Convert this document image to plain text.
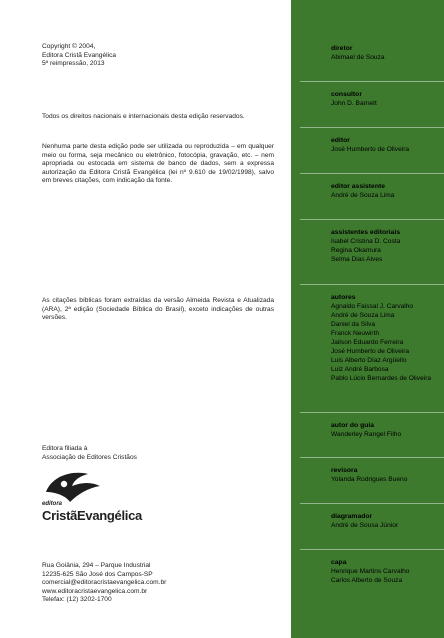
Copyright © 2004,
Editora Cristã Evangélica
5ª reimpressão, 2013
Todos os direitos nacionais e internacionais desta edição reservados.
Nenhuma parte desta edição pode ser utilizada ou reproduzida – em qualquer meio ou forma, seja mecânico ou eletrônico, fotocópia, gravação, etc. – nem apropriada ou estocada em sistema de banco de dados, sem a expressa autorização da Editora Cristã Evangélica (lei nº 9.610 de 19/02/1998), salvo em breves citações, com indicação da fonte.
As citações bíblicas foram extraídas da versão Almeida Revista e Atualizada (ARA), 2ª edição (Sociedade Bíblica do Brasil), exceto indicações de outras versões.
Editora filiada à
Associação de Editores Cristãos
editora
CristãEvangélica
Rua Goiânia, 294 – Parque Industrial
12235-625 São José dos Campos-SP
comercial@editoracristaevangelica.com.br
www.editoracristaevangelica.com.br
Telefax: (12) 3202-1700
diretor
Abimael de Souza
consultor
John D. Barnett
editor
José Humberto de Oliveira
editor assistente
André de Souza Lima
assistentes editoriais
Isabel Cristina D. Costa
Regina Okamura
Selma Dias Alves
autores
Agnaldo Faissal J. Carvalho
André de Souza Lima
Daniel da Silva
Franck Neuwirth
Jailson Eduardo Ferreira
José Humberto de Oliveira
Luis Alberto Díaz Argüello
Luiz André Barbosa
Pablo Lúcio Bernardes de Oliveira
autor do guia
Wanderley Rangel Filho
revisora
Yolanda Rodrigues Bueno
diagramador
André de Sousa Júnior
capa
Henrique Martins Carvalho
Carlos Alberto de Souza
